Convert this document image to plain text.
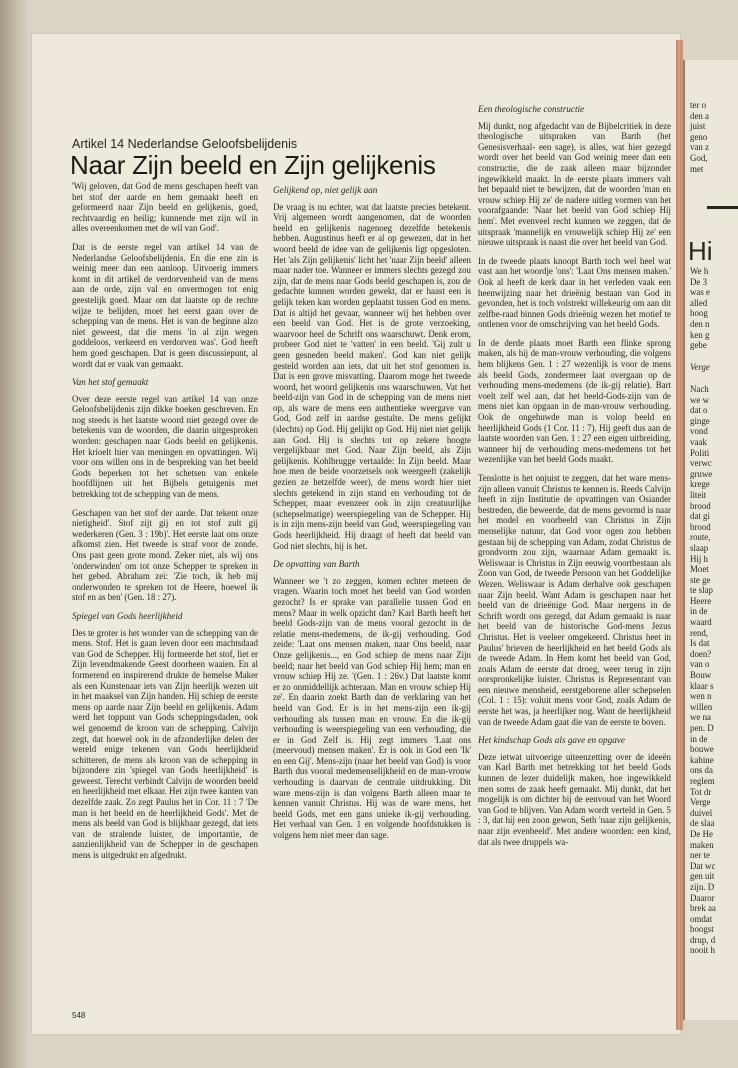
Artikel 14 Nederlandse Geloofsbelijdenis
Naar Zijn beeld en Zijn gelijkenis

'Wij geloven, dat God de mens geschapen heeft van het stof der aarde en hem gemaakt heeft en geformeerd naar Zijn beeld en gelijkenis, goed, rechtvaardig en heilig; kunnende met zijn wil in alles overeenkomen met de wil van God'.

Dat is de eerste regel van artikel 14 van de Nederlandse Geloofsbelijdenis. En die ene zin is weinig meer dan een aanloop. Uitvoerig immers komt in dit artikel de verdorvenheid van de mens aan de orde, zijn val en onvermogen tot enig geestelijk goed. Maar om dat laatste op de rechte wijze te belijden, moet het eerst gaan over de schepping van de mens. Het is van de beginne alzo niet geweest, dat die mens 'in al zijn wegen goddeloos, verkeerd en verdorven was'. God heeft hem goed geschapen. Dat is geen discussiepunt, al wordt dat er vaak van gemaakt.

Van het stof gemaakt

Over deze eerste regel van artikel 14 van onze Geloofsbelijdenis zijn dikke boeken geschreven. En nog steeds is het laatste woord niet gezegd over de betekenis van de woorden, die daarin uitgesproken worden: geschapen naar Gods beeld en gelijkenis. Het krioelt hier van meningen en opvattingen. Wij voor ons willen ons in de bespreking van het beeld Gods beperken tot het schetsen van enkele hoofdlijnen uit het Bijbels getuigenis met betrekking tot de schepping van de mens.

Geschapen van het stof der aarde. Dat tekent onze nietigheid'. Stof zijt gij en tot stof zult gij wederkeren (Gen. 3 : 19b)'. Het eerste laat ons onze afkomst zien. Het tweede is straf voor de zonde. Ons past geen grote mond. Zeker niet, als wij ons 'onderwinden' om tot onze Schepper te spreken in het gebed. Abraham zei: 'Zie toch, ik heb mij onderwonden te spreken tot de Heere, hoewel ik stof en as ben' (Gen. 18 : 27).

Spiegel van Gods heerlijkheid

Des te groter is het wonder van de schepping van de mens. Stof. Het is gaan leven door een machtsdaad van God de Schepper. Hij formeerde het stof, liet er Zijn levendmakende Geest doorheen waaien. En al formerend en inspirerend drukte de hemelse Maker als een Kunstenaar iets van Zijn heerlijk wezen uit in het maaksel van Zijn handen. Hij schiep de eerste mens op aarde naar Zijn beeld en gelijkenis. Adam werd het toppunt van Gods scheppingsdaden, ook wel genoemd de kroon van de schepping. Calvijn zegt, dat hoewel ook in de afzonderlijke delen der wereld enige tekenen van Gods heerlijkheid schitteren, de mens als kroon van de schepping in bijzondere zin 'spiegel van Gods heerlijkheid' is geweest. Terecht verbindt Calvijn de woorden beeld en heerlijkheid met elkaar. Het zijn twee kanten van dezelfde zaak. Zo zegt Paulus het in Cor. 11 : 7 'De man is het beeld en de heerlijkheid Gods'. Met de mens als beeld van God is blijkbaar gezegd, dat iets van de stralende luister, de importantie, de aanzienlijkheid van de Schepper in de geschapen mens is uitgedrukt en afgedrukt.

Gelijkend op, niet gelijk aan

De vraag is nu echter, wat dat laatste precies betekent. Vrij algemeen wordt aangenomen, dat de woorden beeld en gelijkenis nagenoeg dezelfde betekenis hebben. Augustinus heeft er al op gewezen, dat in het woord beeld de idee van de gelijkenis ligt opgesloten. Het 'als Zijn gelijkenis' licht het 'naar Zijn beeld' alleen maar nader toe. Wanneer er immers slechts gezegd zou zijn, dat de mens naar Gods beeld geschapen is, zou de gedachte kunnen worden gewekt, dat er haast een is gelijk teken kan worden geplaatst tussen God en mens. Dat is altijd het gevaar, wanneer wij het hebben over een beeld van God. Het is de grote verzoeking, waarvoor heel de Schrift ons waarschuwt. Denk erom, probeer God niet te 'vatten' in een beeld. 'Gij zult u geen gesneden beeld maken'. God kan niet gelijk gesteld worden aan iets, dat uit het stof genomen is. Dat is een grove misvatting. Daarom moge het tweede woord, het woord gelijkenis ons waarschuwen. Vat het beeld-zijn van God in de schepping van de mens niet op, als ware de mens een authentieke weergave van God, God zelf in aardse gestalte. De mens gelijkt (slechts) op God. Hij gelijkt op God. Hij niet niet gelijk aan God. Hij is slechts tot op zekere hoogte vergelijkbaar met God. Naar Zijn beeld, als Zijn gelijkenis. Kohlbrugge vertaalde: In Zijn beeld. Maar hoe men de beide voorzetsels ook weergeeft (zakelijk gezien ze hetzelfde weer), de mens wordt hier niet slechts getekend in zijn stand en verhouding tot de Schepper, maar evenzeer ook in zijn creatuurlijke (schepselmatige) weerspiegeling van de Schepper. Hij is in zijn mens-zijn beeld van God, weerspiegeling van Gods heerlijkheid. Hij draagt of heeft dat beeld van God niet slechts, hij is het.

De opvatting van Barth

Wanneer we 't zo zeggen, komen echter meteen de vragen. Waarin toch moet het beeld van God worden gezocht? Is er sprake van parallelie tussen God en mens? Maar in welk opzicht dan? Karl Barth heeft het beeld Gods-zijn van de mens vooral gezocht in de relatie mens-medemens, de ik-gij verhouding. God zeide: 'Laat ons mensen maken, naar Ons beeld, naar Onze gelijkenis..., en God schiep de mens naar Zijn beeld; naar het beeld van God schiep Hij hem; man en vrouw schiep Hij ze. '(Gen. 1 : 26v.) Dat laatste komt er zo onmiddellijk achteraan. Man en vrouw schiep Hij ze'. En daarin zoekt Barth dan de verklaring van het beeld van God. Er is in het mens-zijn een ik-gij verhouding als tussen man en vrouw. En die ik-gij verhouding is weerspiegeling van een verhouding, die er in God Zelf is. Hij zegt immers 'Laat ons (meervoud) mensen maken'. Er is ook in God een 'Ik' en een Gij'. Mens-zijn (naar het beeld van God) is voor Barth dus vooral medemenselijkheid en de man-vrouw verhouding is daarvan de centrale uitdrukking. Dit ware mens-zijn is dan volgens Barth alleen maar te kennen vanuit Christus. Hij was de ware mens, het beeld Gods, met een gans unieke ik-gij verhouding. Het verhaal van Gen. 1 en volgende hoofdstukken is volgens hem niet meer dan sage.

Een theologische constructie

Mij dunkt, nog afgedacht van de Bijbelcritiek in deze theologische uitspraken van Barth (het Genesisverhaal- een sage), is alles, wat hier gezegd wordt over het beeld van God weinig meer dan een constructie, die de zaak alleen maar bijzonder ingewikkeld maakt. In de eerste plaats immers valt het bepaald niet te bewijzen, dat de woorden 'man en vrouw schiep Hij ze' de nadere uitleg vormen van het voorafgaande: 'Naar het beeld van God schiep Hij hem'. Met evenveel recht kunnen we zeggen, dat de uitspraak 'mannelijk en vrouwelijk schiep Hij ze' een nieuwe uitspraak is naast die over het beeld van God.

In de tweede plaats knoopt Barth toch wel heel wat vast aan het woordje 'ons': 'Laat Ons mensen maken.' Ook al heeft de kerk daar in het verleden vaak een heenwijzing naar het drieënig bestaan van God in gevonden, het is toch volstrekt willekeurig om aan dit zelfbe-raad binnen Gods drieënig wezen het motief te ontlenen voor de omschrijving van het beeld Gods.

In de derde plaats moet Barth een flinke sprong maken, als hij de man-vrouw verhouding, die volgens hem blijkens Gen. 1 : 27 wezenlijk is voor de mens als beeld Gods, zondermeer laat overgaan op de verhouding mens-medemens (de ik-gij relatie). Bart voelt zelf wel aan, dat het beeld-Gods-zijn van de mens niet kan opgaan in de man-vrouw verhouding. Ook de ongehuwde man is volop beeld en heerlijkheid Gods (1 Cor. 11 : 7). Hij geeft dus aan de laatste woorden van Gen. 1 : 27 een eigen uitbreiding, wanneer hij de verhouding mens-medemens tot het wezenlijke van het beeld Gods maakt.

Tenslotte is het onjuist te zeggen, dat het ware mens-zijn alleen vanuit Christus te kennen is. Reeds Calvijn heeft in zijn Institutie de opvattingen van Osiander bestreden, die beweerde, dat de mens gevormd is naar het model en voorbeeld van Christus in Zijn menselijke natuur, dat God voor ogen zou hebben gestaan bij de schepping van Adam, zodat Christus de grondvorm zou zijn, waarnaar Adam gemaakt is. Weliswaar is Christus in Zijn eeuwig voortbestaan als Zoon van God, de tweede Persoon van het Goddelijke Wezen. Weliswaar is Adam derhalve ook geschapen naar Zijn beeld. Want Adam is geschapen naar het beeld van de drieënige God. Maar nergens in de Schrift wordt ons gezegd, dat Adam gemaakt is naar het beeld van de historische God-mens Jezus Christus. Het is veeleer omgekeerd. Christus heet in Paulus' brieven de heerlijkheid en het beeld Gods als de tweede Adam. In Hem komt het beeld van God, zoals Adam de eerste dat droeg, weer terug in zijn oorspronkelijke luister. Christus is Representant van een nieuwe mensheid, eerstgeborene aller schepselen (Col. 1 : 15): voluit mens voor God, zoals Adam de eerste het was, ja heerlijker nog. Want de heerlijkheid van de tweede Adam gaat die van de eerste te boven.

Het kindschap Gods als gave en opgave

Deze ietwat uitvoerige uiteenzetting over de ideeën van Karl Barth met betrekking tot het beeld Gods kunnen de lezer duidelijk maken, hoe ingewikkeld men soms de zaak heeft gemaakt. Mij dunkt, dat het mogelijk is om dichter bij de eenvoud van het Woord van God te blijven. Van Adam wordt verteld in Gen. 5 : 3, dat hij een zoon gewon, Seth 'naar zijn gelijkenis, naar zijn evenbeeld'. Met andere woorden: een kind, dat als twee druppels wa-

548
ter o
den a
juist
geno
van z
God,
met
Hi
We h
De 3
was e
alled
hoog
den n
ken g
gebe
Verge
Nach
we w
dat o
ginge
vond
vaak
Politi
verwc
gruwe
krege
liteit
brood
dat gi
brood
route,
slaap
Hij h
Moet
ste ge
te slap
Heere
in de
waard
rend,
Is dat
doen?
van o
Bouw
klaar s
wen n
willen
we na
pen. D
in de
bouwe
kabine
ons da
reglem
Tot dr
Verge
duivel
de slaa
De He
maken
ner te
Dat wc
gen uit
zijn. D
Daaror
brek aa
omdat
boogst
drup, d
nooit h
